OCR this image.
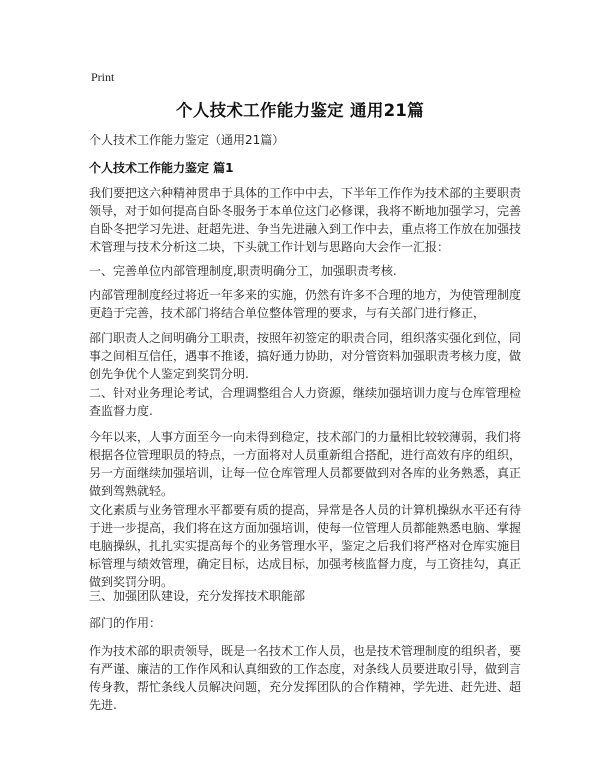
Print
个人技术工作能力鉴定 通用21篇
个人技术工作能力鉴定（通用21篇）
个人技术工作能力鉴定 篇1
我们要把这六种精神贯串于具体的工作中中去，下半年工作作为技术部的主要职责
领导，对于如何提高自卧冬服务于本单位这门必修课，我将不断地加强学习，完善
自卧冬把学习先进、赶超先进、争当先进融入到工作中去，重点将工作放在加强技
术管理与技术分析这二块，下头就工作计划与思路向大会作一汇报：
一、完善单位内部管理制度,职责明确分工，加强职责考核.
内部管理制度经过将近一年多来的实施，仍然有许多不合理的地方，为使管理制度
更趋于完善，技术部门将结合单位整体管理的要求，与有关部门进行修正，
部门职责人之间明确分工职责，按照年初签定的职责合同，组织落实强化到位，同
事之间相互信任，遇事不推诿，搞好通力协助，对分管资料加强职责考核力度，做
创先争优个人鉴定到奖罚分明.
二、针对业务理论考试，合理调整组合人力资源，继续加强培训力度与仓库管理检
查监督力度.
今年以来，人事方面至今一向未得到稳定，技术部门的力量相比较较薄弱，我们将
根据各位管理职员的特点，一方面将对人员重新组合搭配，进行高效有序的组织，
另一方面继续加强培训，让每一位仓库管理人员都要做到对各库的业务熟悉，真正
做到驾熟就轻。
文化素质与业务管理水平都要有质的提高，异常是各人员的计算机操纵水平还有待
于进一步提高，我们将在这方面加强培训，使每一位管理人员都能熟悉电脑、掌握
电脑操纵，扎扎实实提高每个的业务管理水平，鉴定之后我们将严格对仓库实施目
标管理与绩效管理，确定目标，达成目标，加强考核监督力度，与工资挂勾，真正
做到奖罚分明。
三、加强团队建设，充分发挥技术职能部
部门的作用：
作为技术部的职责领导，既是一名技术工作人员，也是技术管理制度的组织者，要
有严谨、廉洁的工作作风和认真细致的工作态度，对条线人员要进取引导，做到言
传身教，帮忙条线人员解决问题，充分发挥团队的合作精神，学先进、赶先进、超
先进.
